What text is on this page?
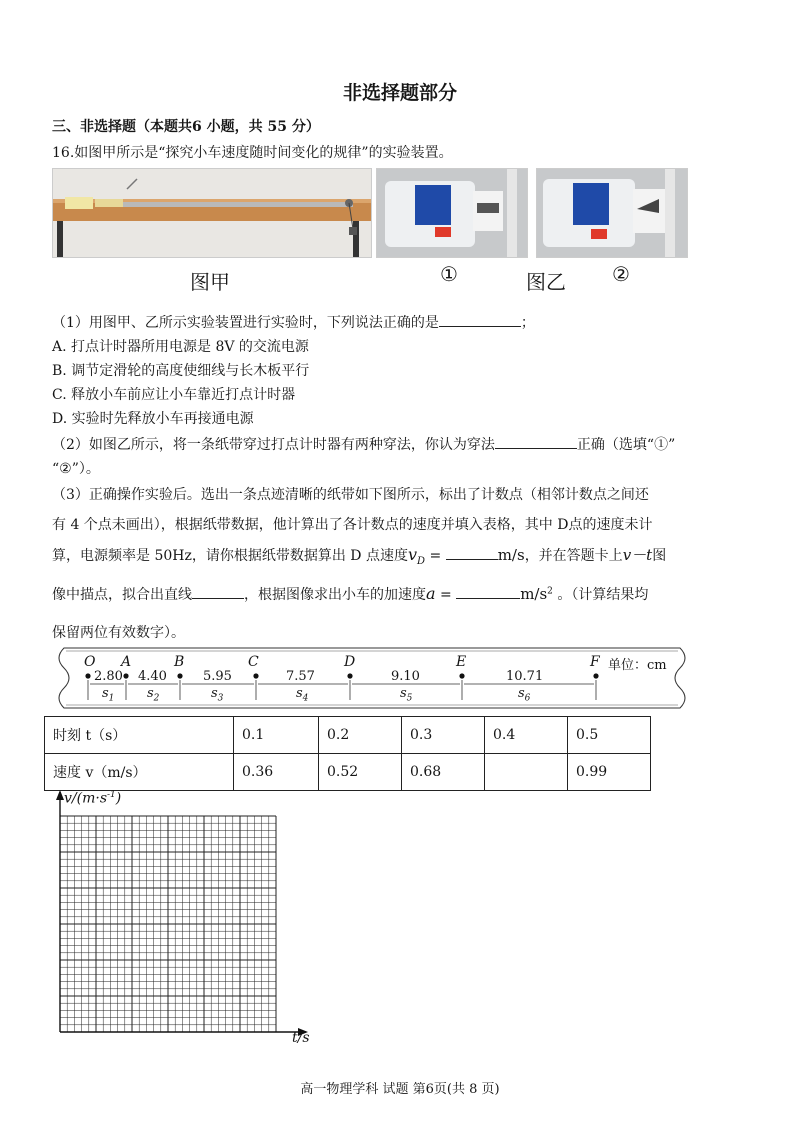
非选择题部分
三、非选择题（本题共6 小题，共 55 分）
16.如图甲所示是“探究小车速度随时间变化的规律”的实验装置。
图甲	①	图乙 ②
（1）用图甲、乙所示实验装置进行实验时，下列说法正确的是	；
A. 打点计时器所用电源是 8V 的交流电源
B. 调节定滑轮的高度使细线与长木板平行
C. 释放小车前应让小车靠近打点计时器
D. 实验时先释放小车再接通电源
（2）如图乙所示，将一条纸带穿过打点计时器有两种穿法，你认为穿法	正确（选填“①”
“②”）。
（3）正确操作实验后。选出一条点迹清晰的纸带如下图所示，标出了计数点（相邻计数点之间还
有 4 个点未画出），根据纸带数据，他计算出了各计数点的速度并填入表格，其中 D点的速度未计
算，电源频率是 50Hz，请你根据纸带数据算出 D 点速度$v_D$ =	m/s，并在答题卡上v－t图
像中描点，拟合出直线	，根据图像求出小车的加速度a =	$m/s^2$ 。（计算结果均
保留两位有效数字）。
O A	B	C	D	E	F 单位：cm
2.80 4.40	5.95	7.57	9.10	10.71
$s_1$	$s_2$	$s_3$	$s_4$	$s_5$	$s_6$
时刻 t（s）	0.1	0.2	0.3	0.4	0.5
速度 v（m/s）	0.36	0.52	0.68		0.99
$v/(m\cdot s^{-1})$
t/s
高一物理学科 试题 第6页(共 8 页)
